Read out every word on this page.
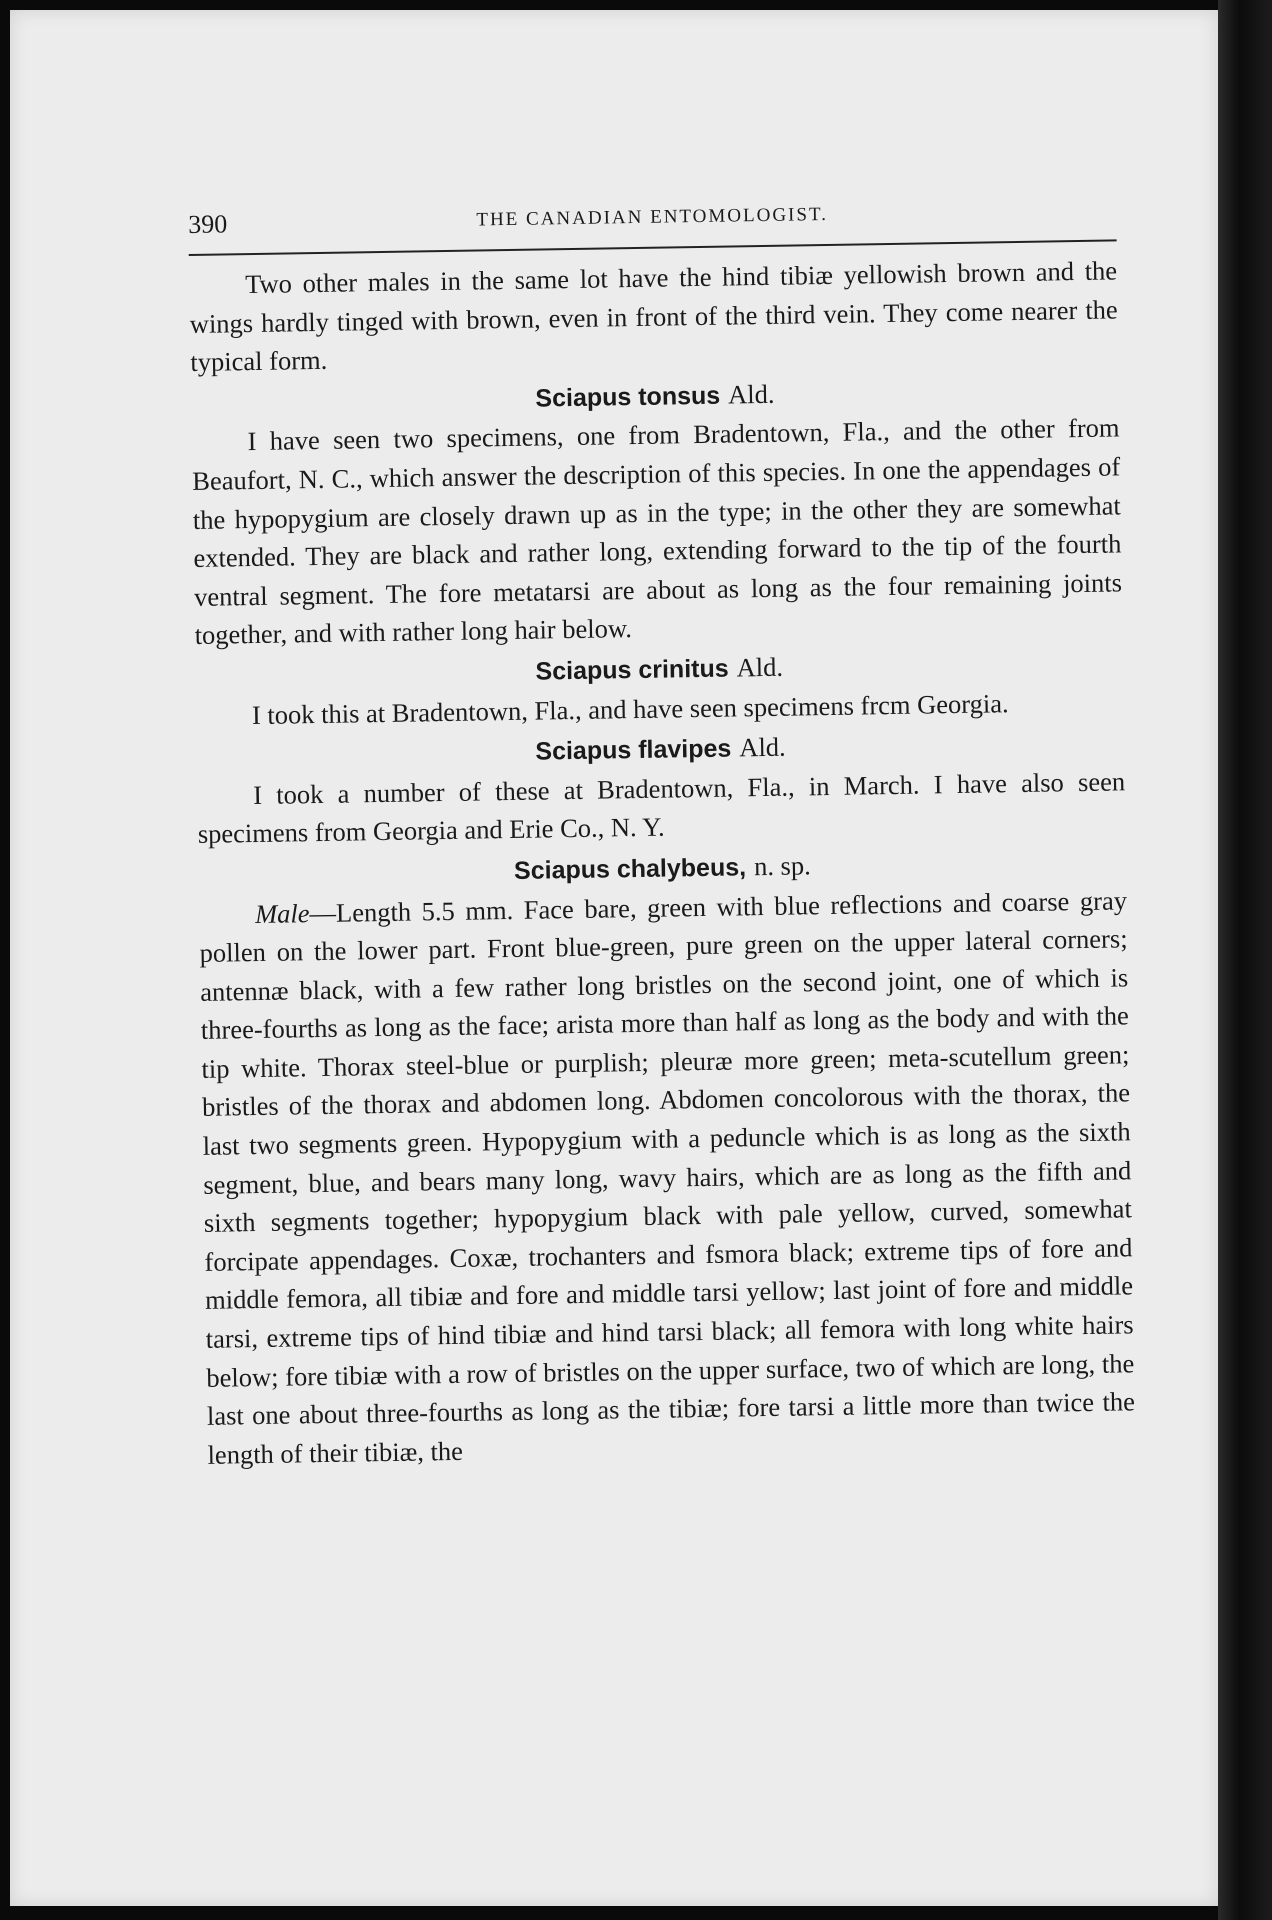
390	THE CANADIAN ENTOMOLOGIST.

Two other males in the same lot have the hind tibiæ yellowish brown and the wings hardly tinged with brown, even in front of the third vein. They come nearer the typical form.

Sciapus tonsus Ald.

I have seen two specimens, one from Bradentown, Fla., and the other from Beaufort, N. C., which answer the description of this species. In one the appendages of the hypopygium are closely drawn up as in the type; in the other they are somewhat extended. They are black and rather long, extending forward to the tip of the fourth ventral segment. The fore metatarsi are about as long as the four remaining joints together, and with rather long hair below.

Sciapus crinitus Ald.

I took this at Bradentown, Fla., and have seen specimens frcm Georgia.

Sciapus flavipes Ald.

I took a number of these at Bradentown, Fla., in March. I have also seen specimens from Georgia and Erie Co., N. Y.

Sciapus chalybeus, n. sp.

Male—Length 5.5 mm. Face bare, green with blue reflections and coarse gray pollen on the lower part. Front blue-green, pure green on the upper lateral corners; antennæ black, with a few rather long bristles on the second joint, one of which is three-fourths as long as the face; arista more than half as long as the body and with the tip white. Thorax steel-blue or purplish; pleuræ more green; meta-scutellum green; bristles of the thorax and abdomen long. Abdomen concolorous with the thorax, the last two segments green. Hypopygium with a peduncle which is as long as the sixth segment, blue, and bears many long, wavy hairs, which are as long as the fifth and sixth segments together; hypopygium black with pale yellow, curved, somewhat forcipate appendages. Coxæ, trochanters and fsmora black; extreme tips of fore and middle femora, all tibiæ and fore and middle tarsi yellow; last joint of fore and middle tarsi, extreme tips of hind tibiæ and hind tarsi black; all femora with long white hairs below; fore tibiæ with a row of bristles on the upper surface, two of which are long, the last one about three-fourths as long as the tibiæ; fore tarsi a little more than twice the length of their tibiæ, the
